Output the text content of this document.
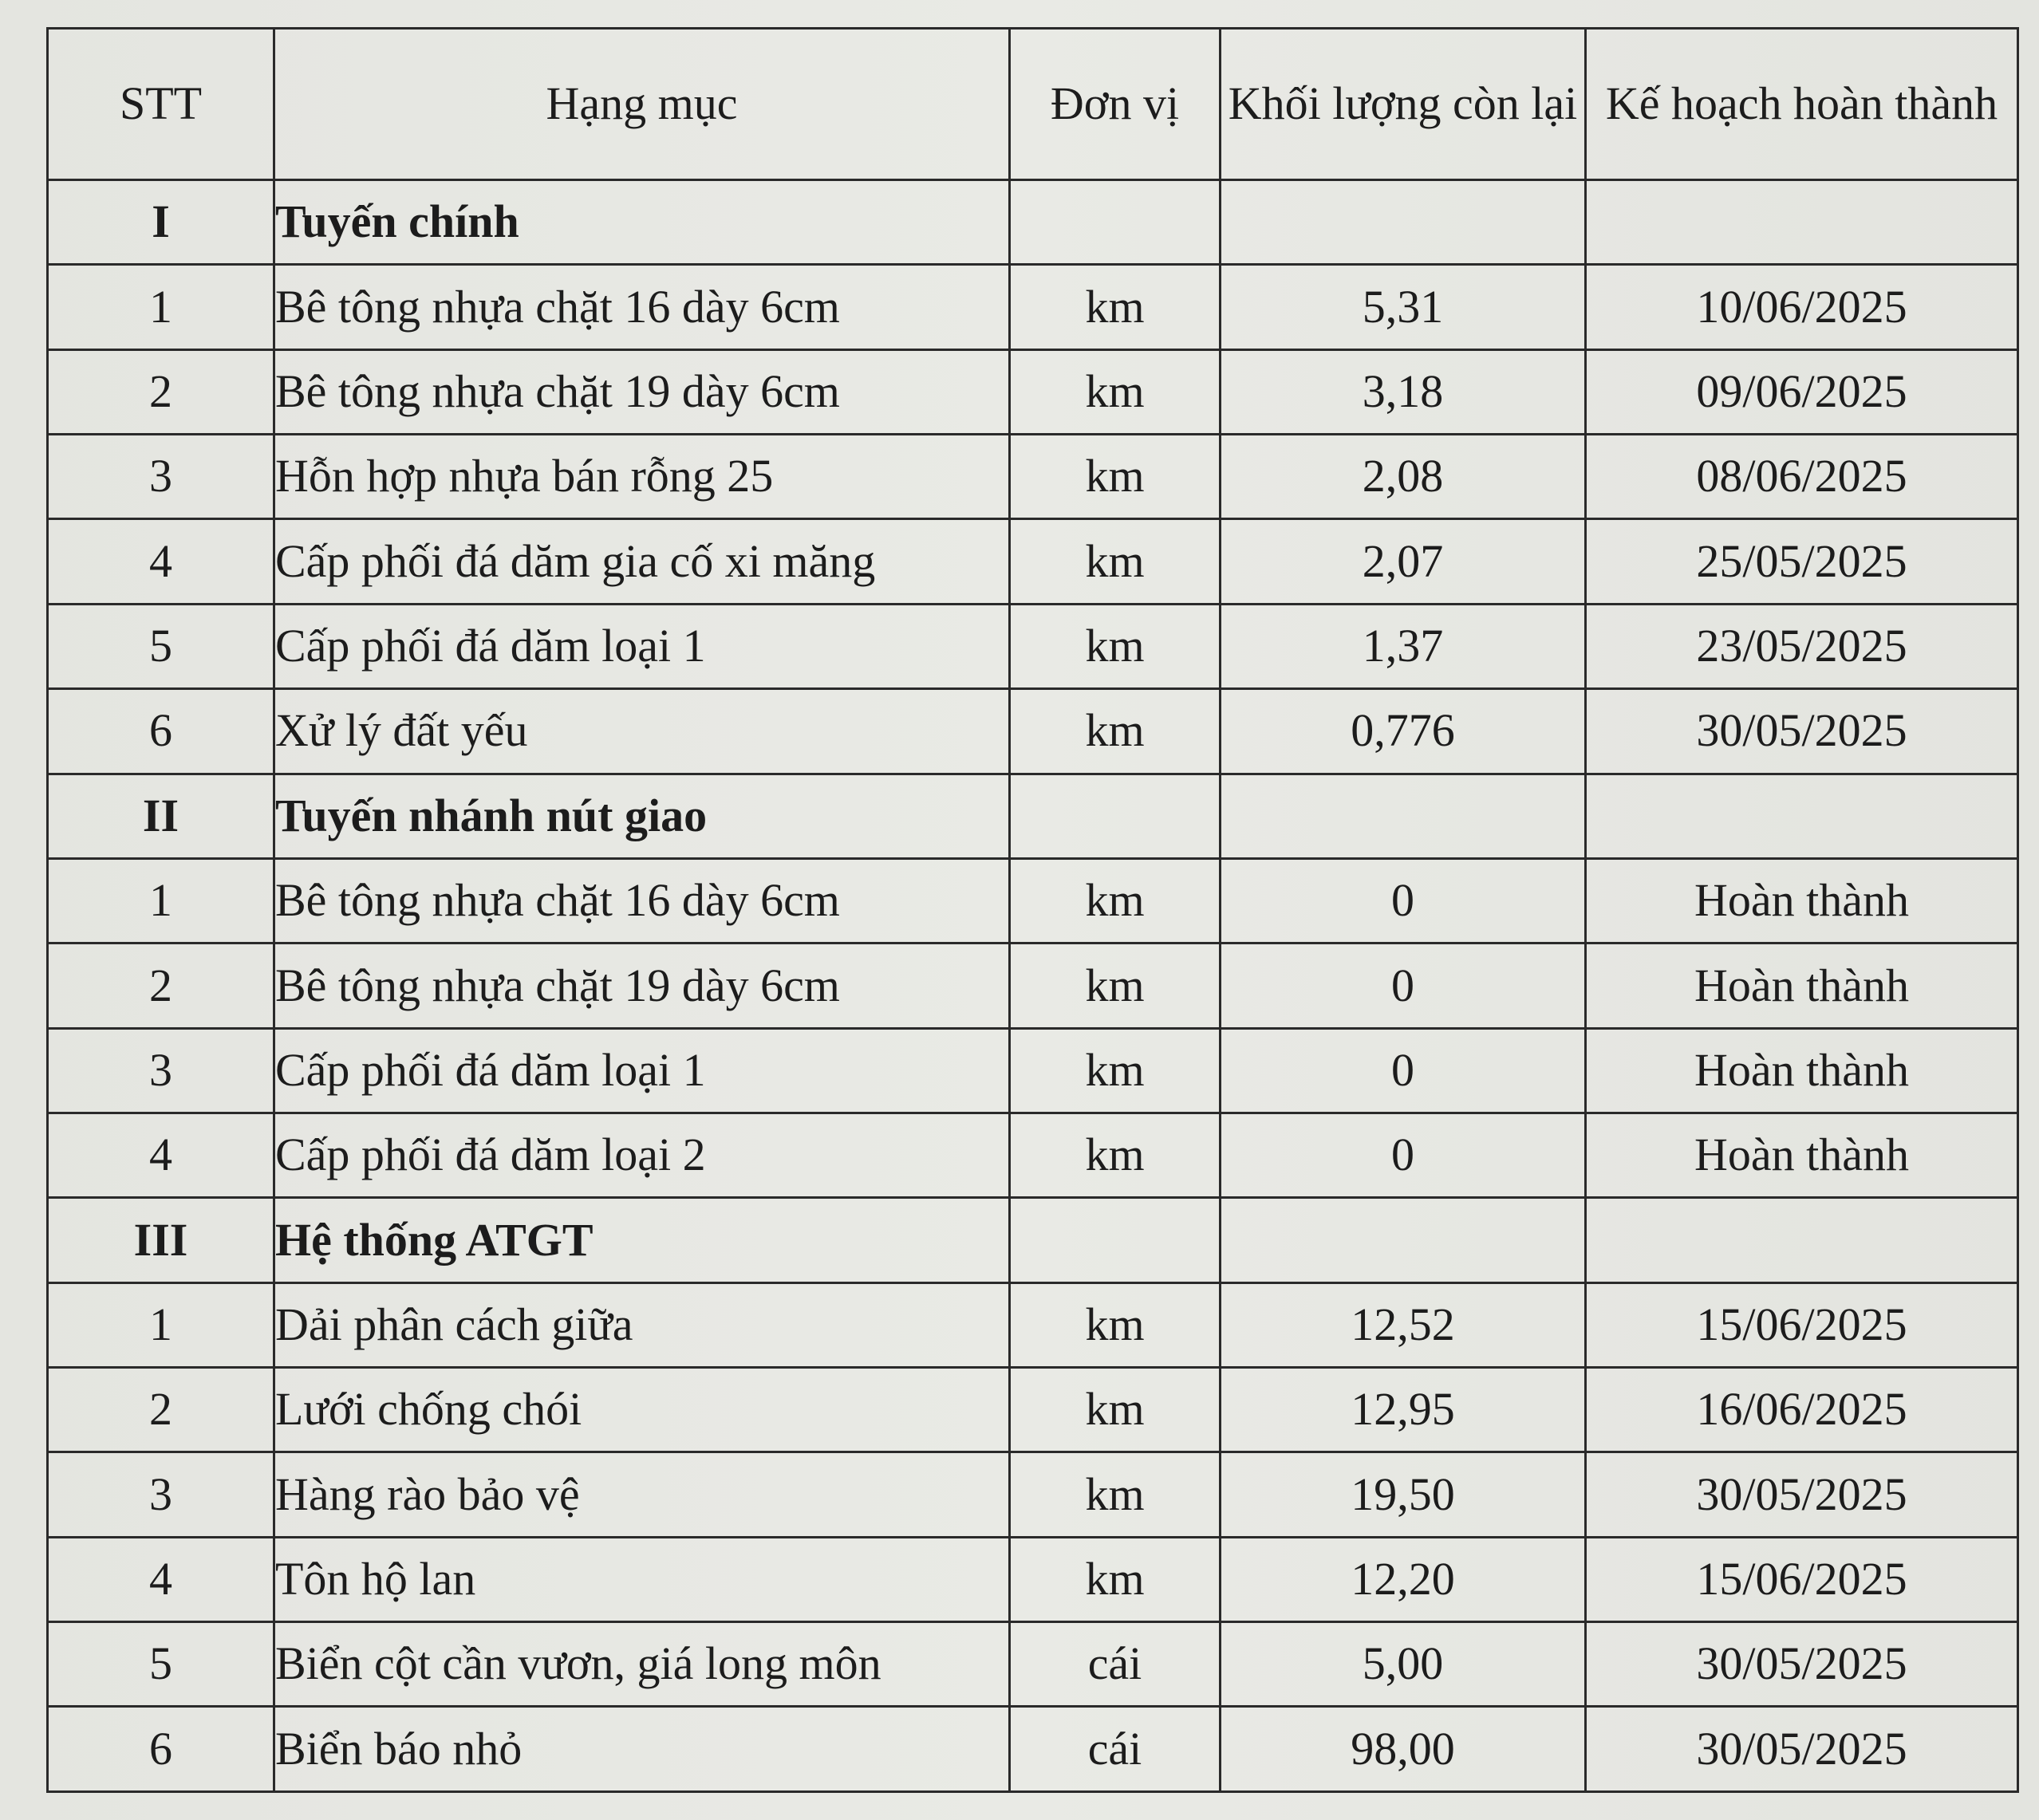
STT	Hạng mục	Đơn vị	Khối lượng còn lại	Kế hoạch hoàn thành
I	Tuyến chính			
1	Bê tông nhựa chặt 16 dày 6cm	km	5,31	10/06/2025
2	Bê tông nhựa chặt 19 dày 6cm	km	3,18	09/06/2025
3	Hỗn hợp nhựa bán rỗng 25	km	2,08	08/06/2025
4	Cấp phối đá dăm gia cố xi măng	km	2,07	25/05/2025
5	Cấp phối đá dăm loại 1	km	1,37	23/05/2025
6	Xử lý đất yếu	km	0,776	30/05/2025
II	Tuyến nhánh nút giao			
1	Bê tông nhựa chặt 16 dày 6cm	km	0	Hoàn thành
2	Bê tông nhựa chặt 19 dày 6cm	km	0	Hoàn thành
3	Cấp phối đá dăm loại 1	km	0	Hoàn thành
4	Cấp phối đá dăm loại 2	km	0	Hoàn thành
III	Hệ thống ATGT			
1	Dải phân cách giữa	km	12,52	15/06/2025
2	Lưới chống chói	km	12,95	16/06/2025
3	Hàng rào bảo vệ	km	19,50	30/05/2025
4	Tôn hộ lan	km	12,20	15/06/2025
5	Biển cột cần vươn, giá long môn	cái	5,00	30/05/2025
6	Biển báo nhỏ	cái	98,00	30/05/2025
